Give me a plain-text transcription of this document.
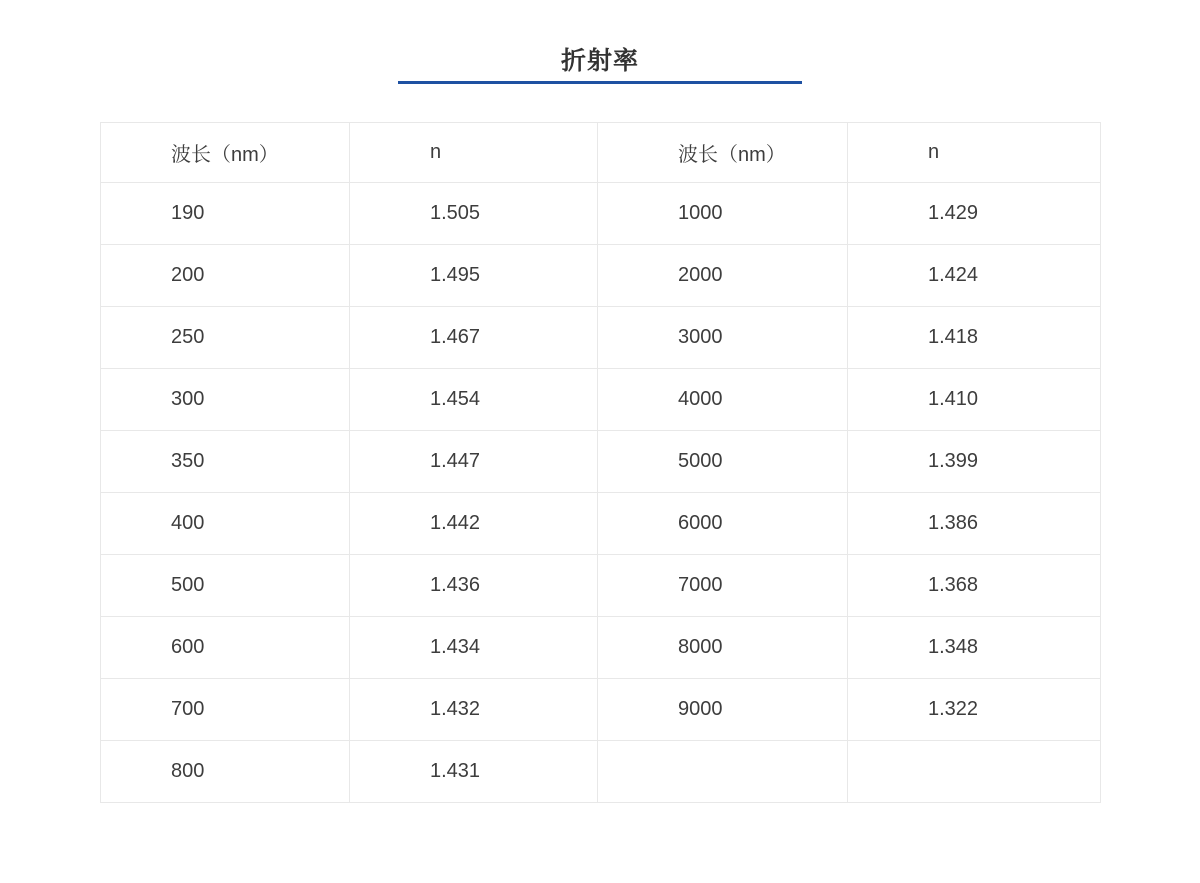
折射率
波长（nm）	n	波长（nm）	n
190	1.505	1000	1.429
200	1.495	2000	1.424
250	1.467	3000	1.418
300	1.454	4000	1.410
350	1.447	5000	1.399
400	1.442	6000	1.386
500	1.436	7000	1.368
600	1.434	8000	1.348
700	1.432	9000	1.322
800	1.431		
